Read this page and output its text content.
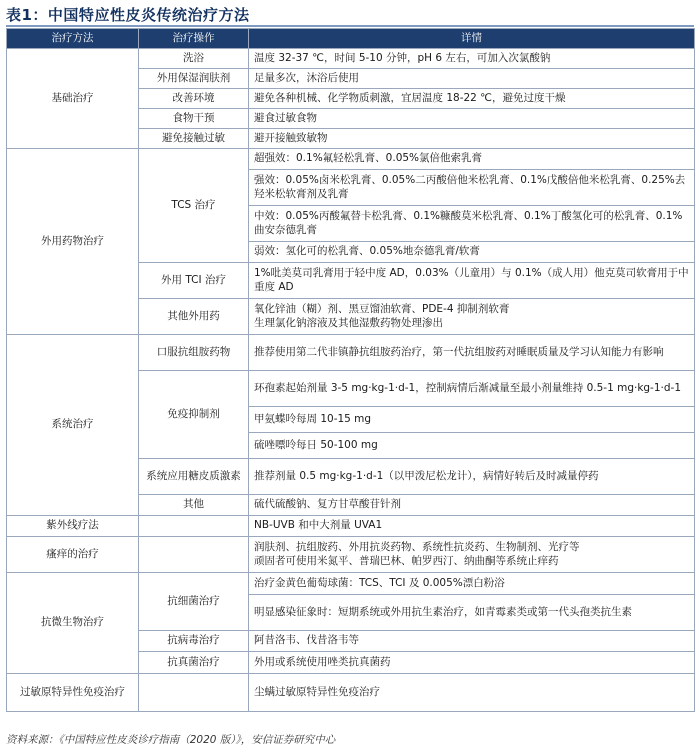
表1：中国特应性皮炎传统治疗方法
治疗方法	治疗操作	详情
基础治疗	洗浴	温度 32-37 ℃，时间 5-10 分钟，pH 6 左右，可加入次氯酸钠
	外用保湿润肤剂	足量多次，沐浴后使用
	改善环境	避免各种机械、化学物质刺激，宜居温度 18-22 ℃，避免过度干燥
	食物干预	避食过敏食物
	避免接触过敏	避开接触致敏物
外用药物治疗	TCS 治疗	超强效：0.1%氟轻松乳膏、0.05%氯倍他索乳膏
		强效：0.05%卤米松乳膏、0.05%二丙酸倍他米松乳膏、0.1%戊酸倍他米松乳膏、0.25%去羟米松软膏剂及乳膏
		中效：0.05%丙酸氟替卡松乳膏、0.1%糠酸莫米松乳膏、0.1%丁酸氢化可的松乳膏、0.1%曲安奈德乳膏
		弱效：氢化可的松乳膏、0.05%地奈德乳膏/软膏
	外用 TCI 治疗	1%吡美莫司乳膏用于轻中度 AD，0.03%（儿童用）与 0.1%（成人用）他克莫司软膏用于中重度 AD
	其他外用药	氧化锌油（糊）剂、黑豆馏油软膏、PDE-4 抑制剂软膏
生理氯化钠溶液及其他湿敷药物处理渗出

系统治疗	口服抗组胺药物	推荐使用第二代非镇静抗组胺药治疗，第一代抗组胺药对睡眠质量及学习认知能力有影响
	免疫抑制剂	环孢素起始剂量 3-5 mg·kg-1·d-1，控制病情后渐减量至最小剂量维持 0.5-1 mg·kg-1·d-1
		甲氨蝶呤每周 10-15 mg
		硫唑嘌呤每日 50-100 mg
	系统应用糖皮质激素	推荐剂量 0.5 mg·kg-1·d-1（以甲泼尼松龙计），病情好转后及时减量停药
	其他	硫代硫酸钠、复方甘草酸苷针剂
紫外线疗法		NB-UVB 和中大剂量 UVA1
瘙痒的治疗		润肤剂、抗组胺药、外用抗炎药物、系统性抗炎药、生物制剂、光疗等
顽固者可使用米氮平、普瑞巴林、帕罗西汀、纳曲酮等系统止痒药

抗微生物治疗	抗细菌治疗	治疗金黄色葡萄球菌：TCS、TCI 及 0.005%漂白粉浴
		明显感染征象时：短期系统或外用抗生素治疗，如青霉素类或第一代头孢类抗生素
	抗病毒治疗	阿昔洛韦、伐昔洛韦等
	抗真菌治疗	外用或系统使用唑类抗真菌药
过敏原特异性免疫治疗		尘螨过敏原特异性免疫治疗
资料来源：《中国特应性皮炎诊疗指南（2020 版）》，安信证券研究中心
